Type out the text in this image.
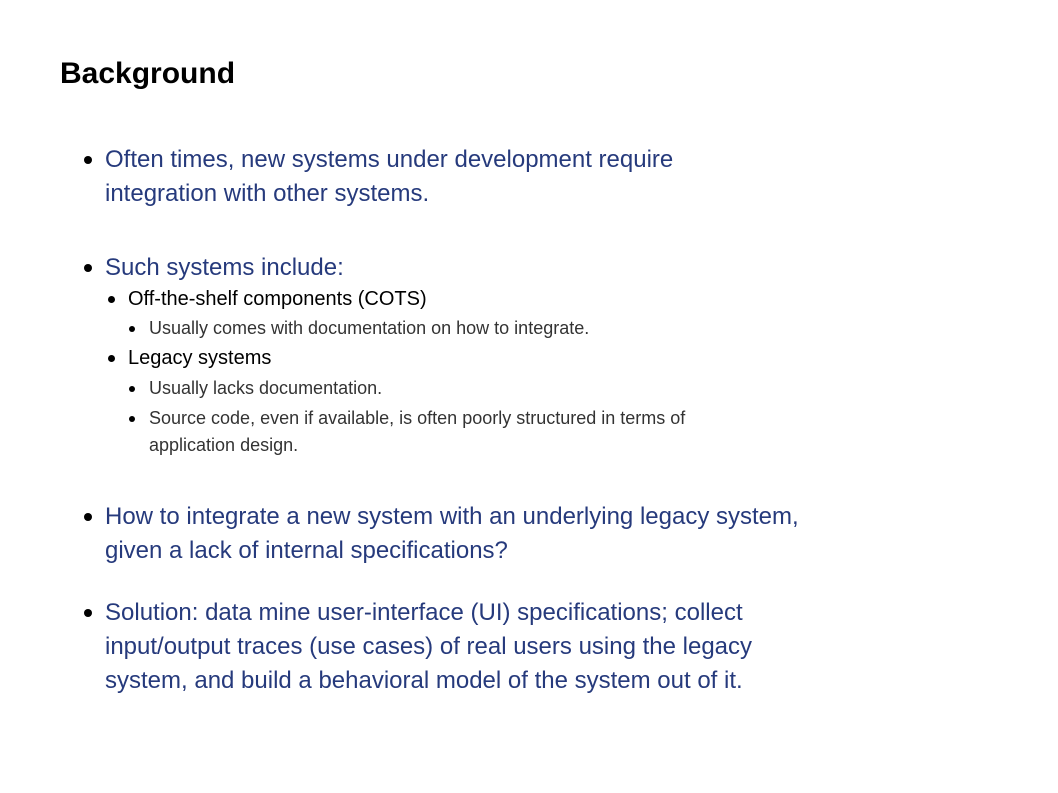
Background
Often times, new systems under development require
integration with other systems.
Such systems include:
Off-the-shelf components (COTS)
Usually comes with documentation on how to integrate.
Legacy systems
Usually lacks documentation.
Source code, even if available, is often poorly structured in terms of
application design.
How to integrate a new system with an underlying legacy system,
given a lack of internal specifications?
Solution: data mine user-interface (UI) specifications; collect
input/output traces (use cases) of real users using the legacy
system, and build a behavioral model of the system out of it.
